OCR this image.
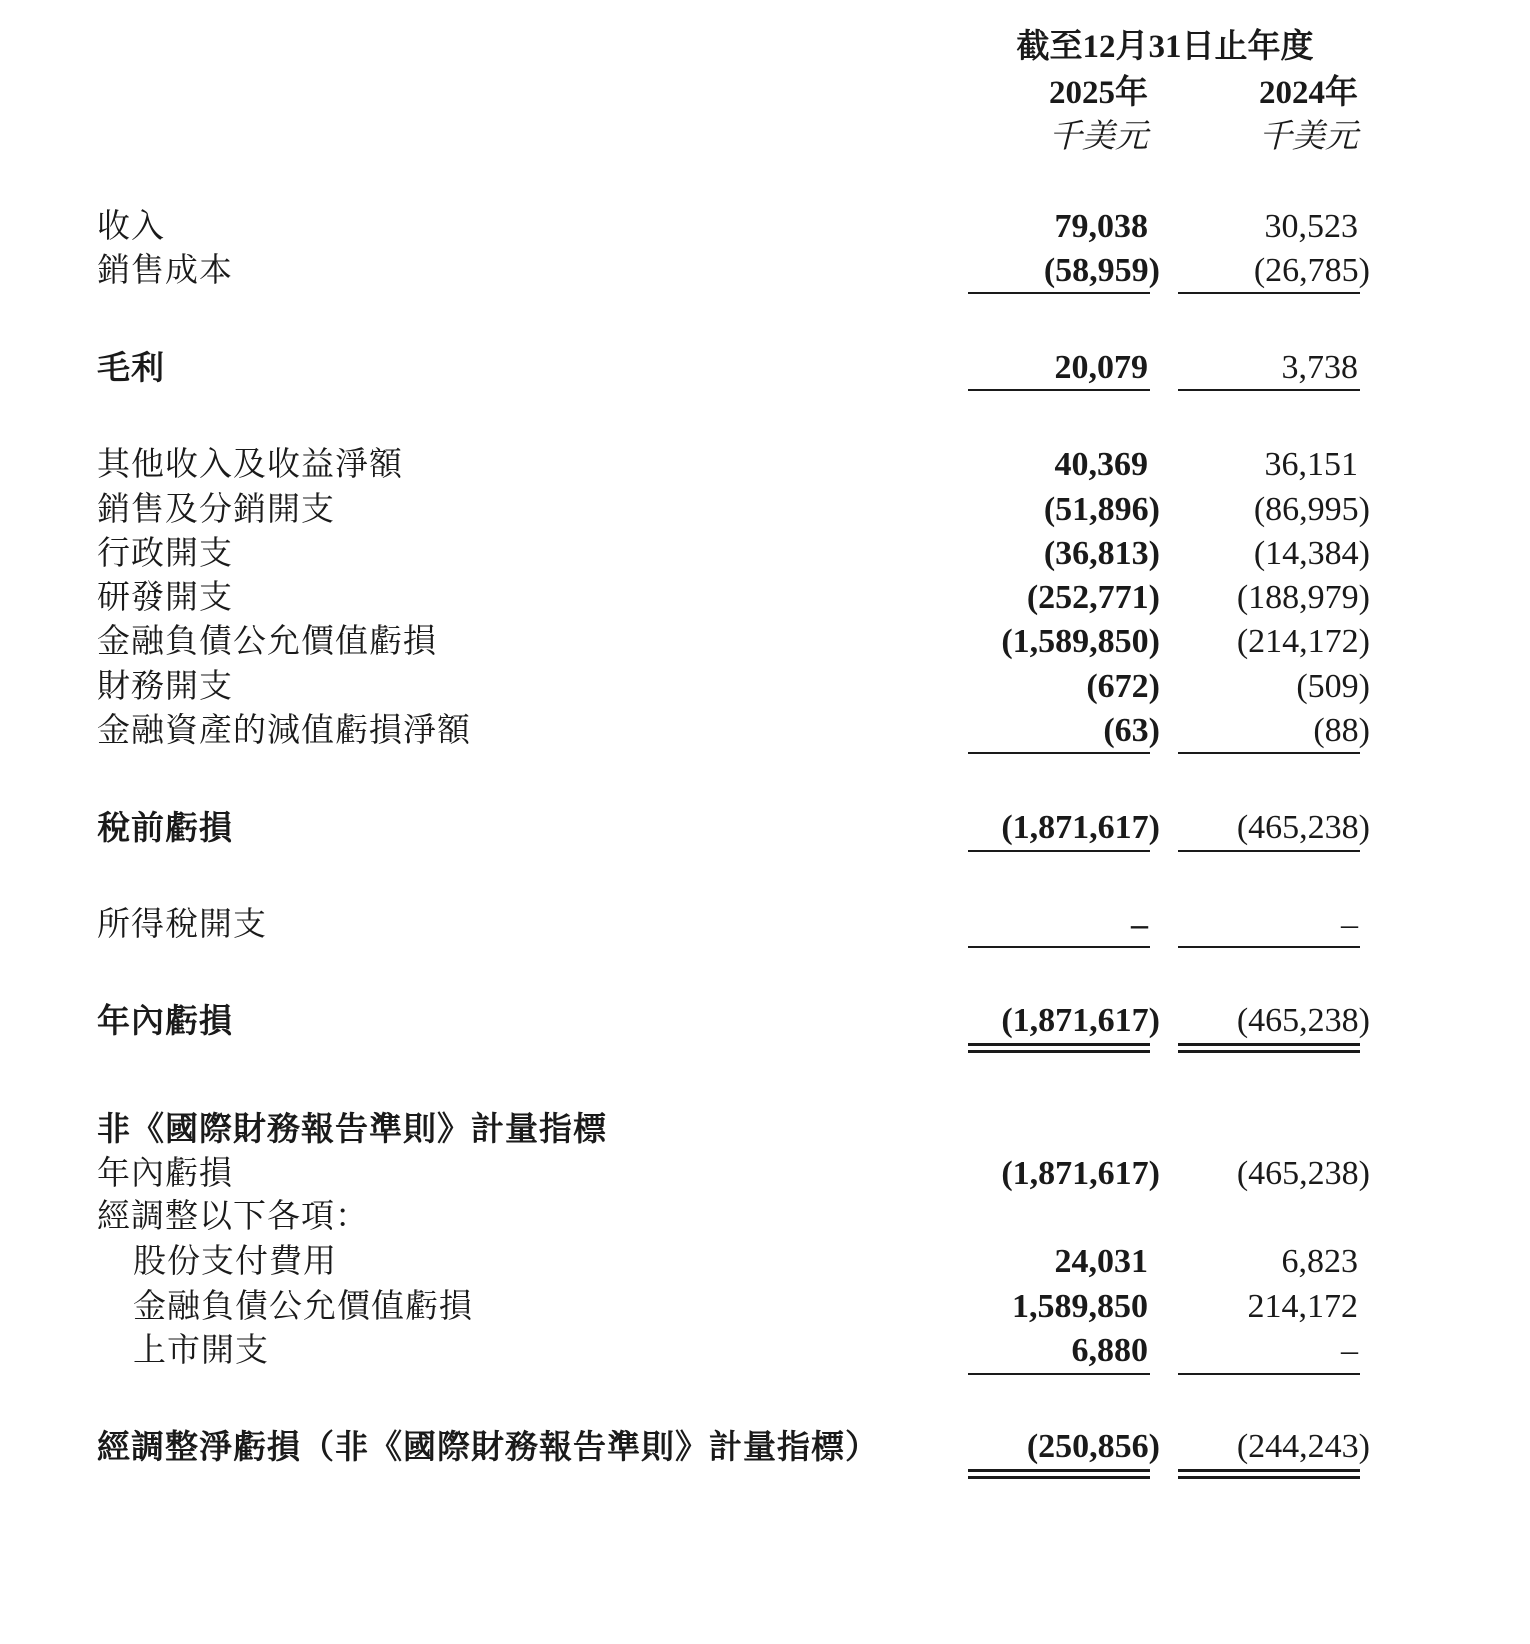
截至12月31日止年度
2025年	2024年
千美元	千美元
收入	79,038	30,523
銷售成本	(58,959)	(26,785)
毛利	20,079	3,738
其他收入及收益淨額	40,369	36,151
銷售及分銷開支	(51,896)	(86,995)
行政開支	(36,813)	(14,384)
研發開支	(252,771)	(188,979)
金融負債公允價值虧損	(1,589,850)	(214,172)
財務開支	(672)	(509)
金融資產的減值虧損淨額	(63)	(88)
稅前虧損	(1,871,617)	(465,238)
所得稅開支	–	–
年內虧損	(1,871,617)	(465,238)
非《國際財務報告準則》計量指標
年內虧損	(1,871,617)	(465,238)
經調整以下各項：
股份支付費用	24,031	6,823
金融負債公允價值虧損	1,589,850	214,172
上市開支	6,880	–
經調整淨虧損（非《國際財務報告準則》計量指標）	(250,856)	(244,243)
